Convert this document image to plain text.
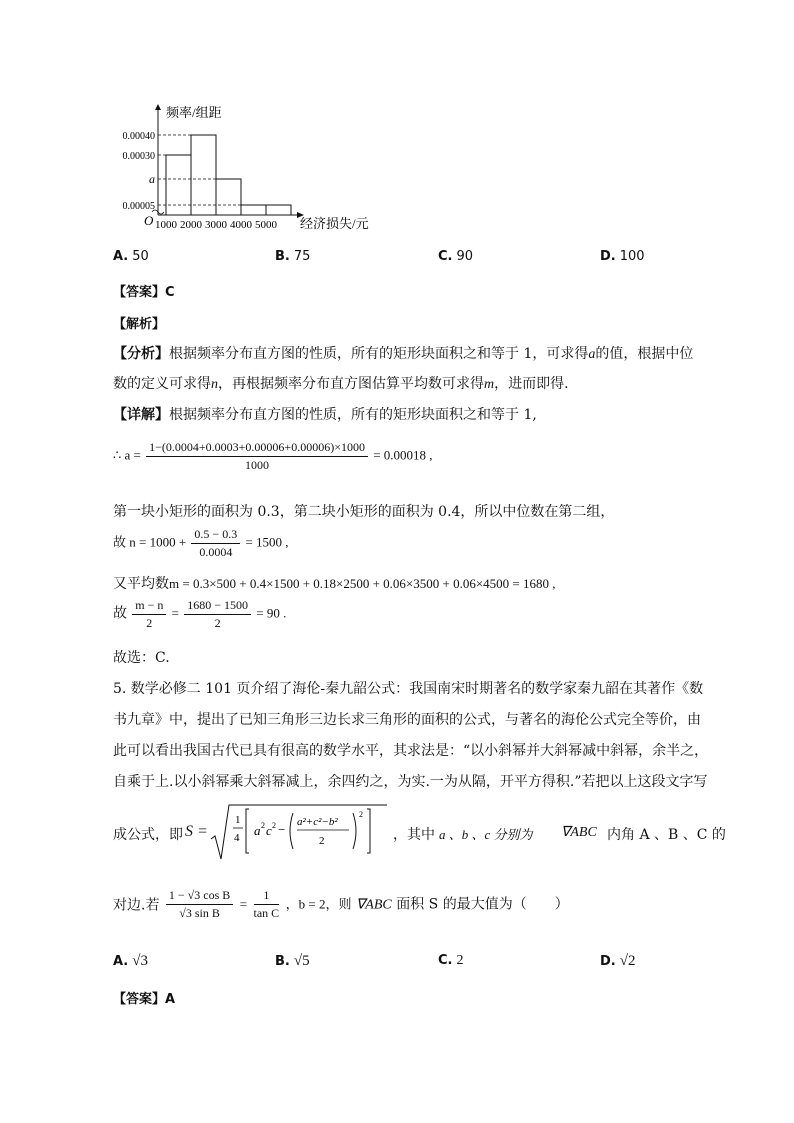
0.00040
0.00030
a
0.00005
1000 2000 3000 4000 5000
频率/组距
经济损失/元
O
A. 50	B. 75	C. 90	D. 100
【答案】C
【解析】
【分析】根据频率分布直方图的性质，所有的矩形块面积之和等于 1，可求得a的值，根据中位
数的定义可求得n，再根据频率分布直方图估算平均数可求得m，进而即得.
【详解】根据频率分布直方图的性质，所有的矩形块面积之和等于 1,
∴ $a = \frac{1-(0.0004+0.0003+0.00006+0.00006)\times 1000}{1000} = 0.00018$ ,
第一块小矩形的面积为 0.3，第二块小矩形的面积为 0.4，所以中位数在第二组，
故 $n = 1000 + \frac{0.5 - 0.3}{0.0004} = 1500$ ,
又平均数m = 0.3×500 + 0.4×1500 + 0.18×2500 + 0.06×3500 + 0.06×4500 = 1680 ,
故 $\frac{m - n}{2} = \frac{1680 - 1500}{2} = 90$ .
故选：C.
5. 数学必修二 101 页介绍了海伦-秦九韶公式：我国南宋时期著名的数学家秦九韶在其著作《数
书九章》中，提出了已知三角形三边长求三角形的面积的公式，与著名的海伦公式完全等价，由
此可以看出我国古代已具有很高的数学水平，其求法是：“以小斜幂并大斜幂减中斜幂，余半之，
自乘于上.以小斜幂乘大斜幂减上，余四约之，为实.一为从隔，开平方得积.”若把以上这段文字写
成公式，即 S =
1
4 a 2 c 2 − a²+c²−b²
2
2
，其中 a 、b 、c 分别为 ∇ABC 内角 A 、B 、C 的
对边.若 $\frac{\text{1 − √3 cos B}}{\text{√3 sin B}} = \frac{1}{\text{tan C}}$ ，b = 2，则 ∇ABC 面积 S 的最大值为（　　）
A. √3	B. √5	C. 2	D. √2
【答案】A
